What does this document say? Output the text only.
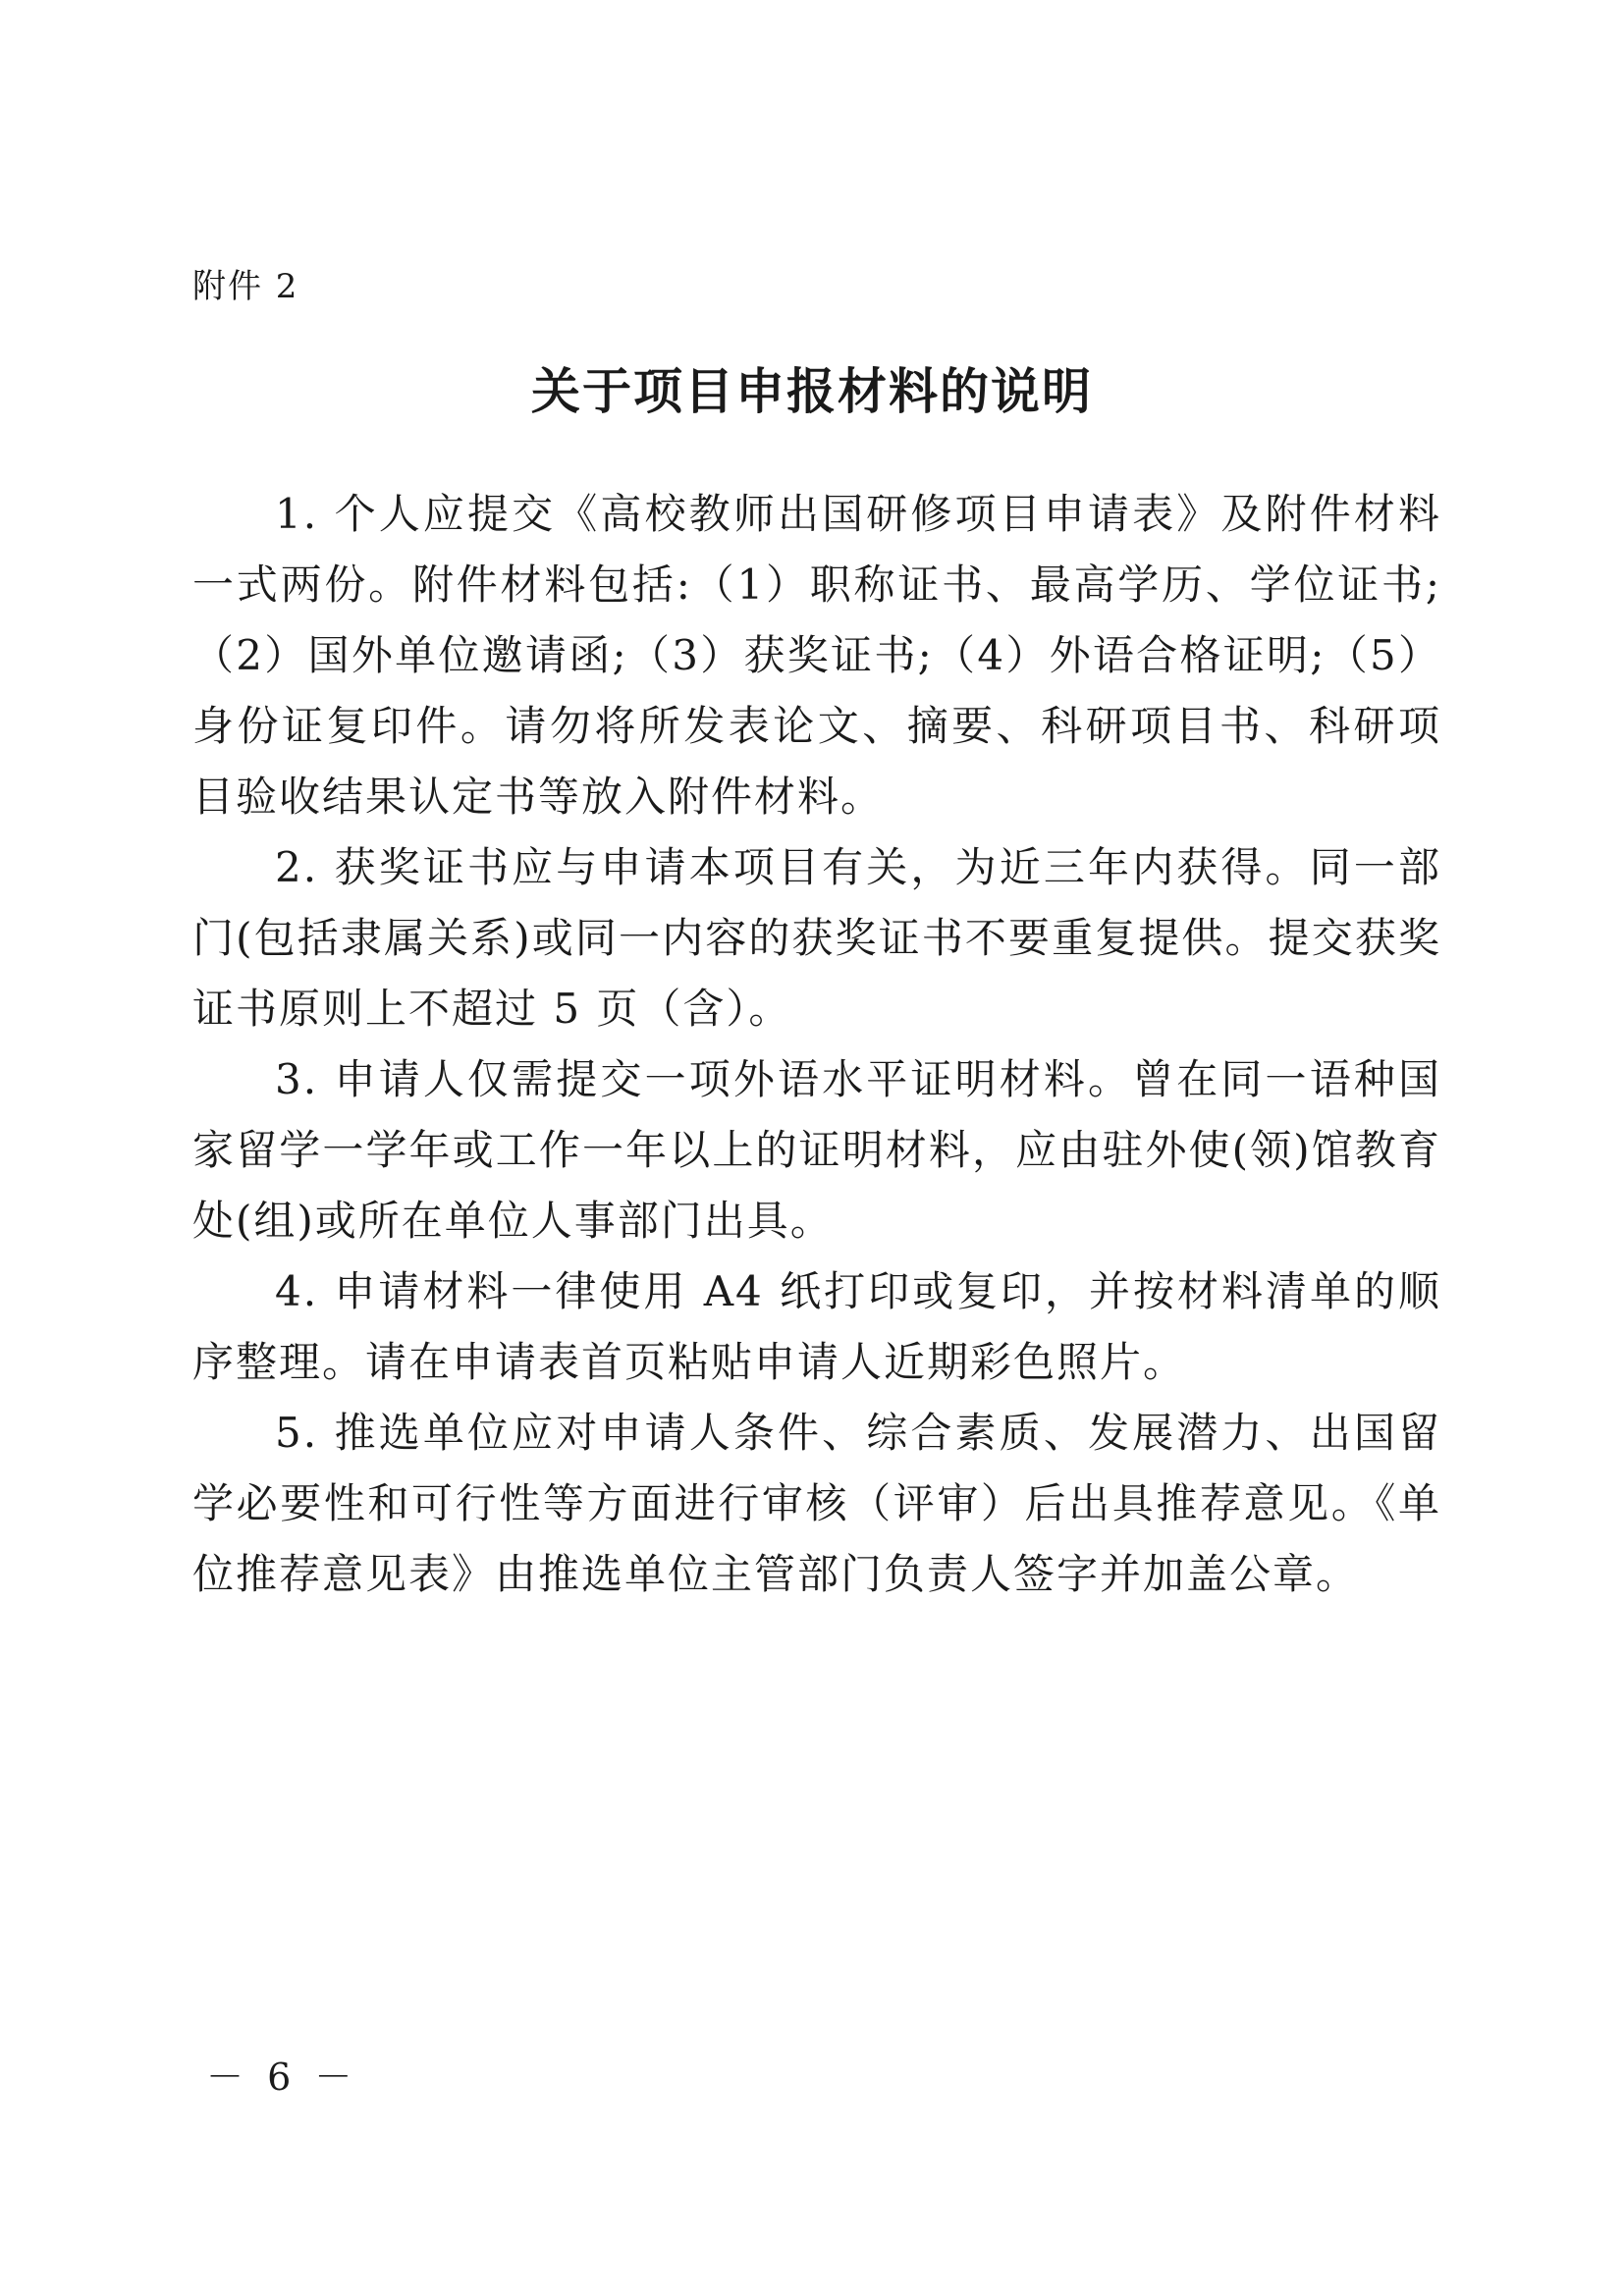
附件 2
关于项目申报材料的说明

1. 个人应提交《高校教师出国研修项目申请表》及附件材料一式两份。附件材料包括:（1）职称证书、最高学历、学位证书;（2）国外单位邀请函;（3）获奖证书;（4）外语合格证明;（5）身份证复印件。请勿将所发表论文、摘要、科研项目书、科研项目验收结果认定书等放入附件材料。

2. 获奖证书应与申请本项目有关，为近三年内获得。同一部门(包括隶属关系)或同一内容的获奖证书不要重复提供。提交获奖证书原则上不超过 5 页（含）。

3. 申请人仅需提交一项外语水平证明材料。曾在同一语种国家留学一学年或工作一年以上的证明材料，应由驻外使(领)馆教育处(组)或所在单位人事部门出具。

4. 申请材料一律使用 A4 纸打印或复印，并按材料清单的顺序整理。请在申请表首页粘贴申请人近期彩色照片。

5. 推选单位应对申请人条件、综合素质、发展潜力、出国留学必要性和可行性等方面进行审核（评审）后出具推荐意见。《单位推荐意见表》由推选单位主管部门负责人签字并加盖公章。

－ 6 －
